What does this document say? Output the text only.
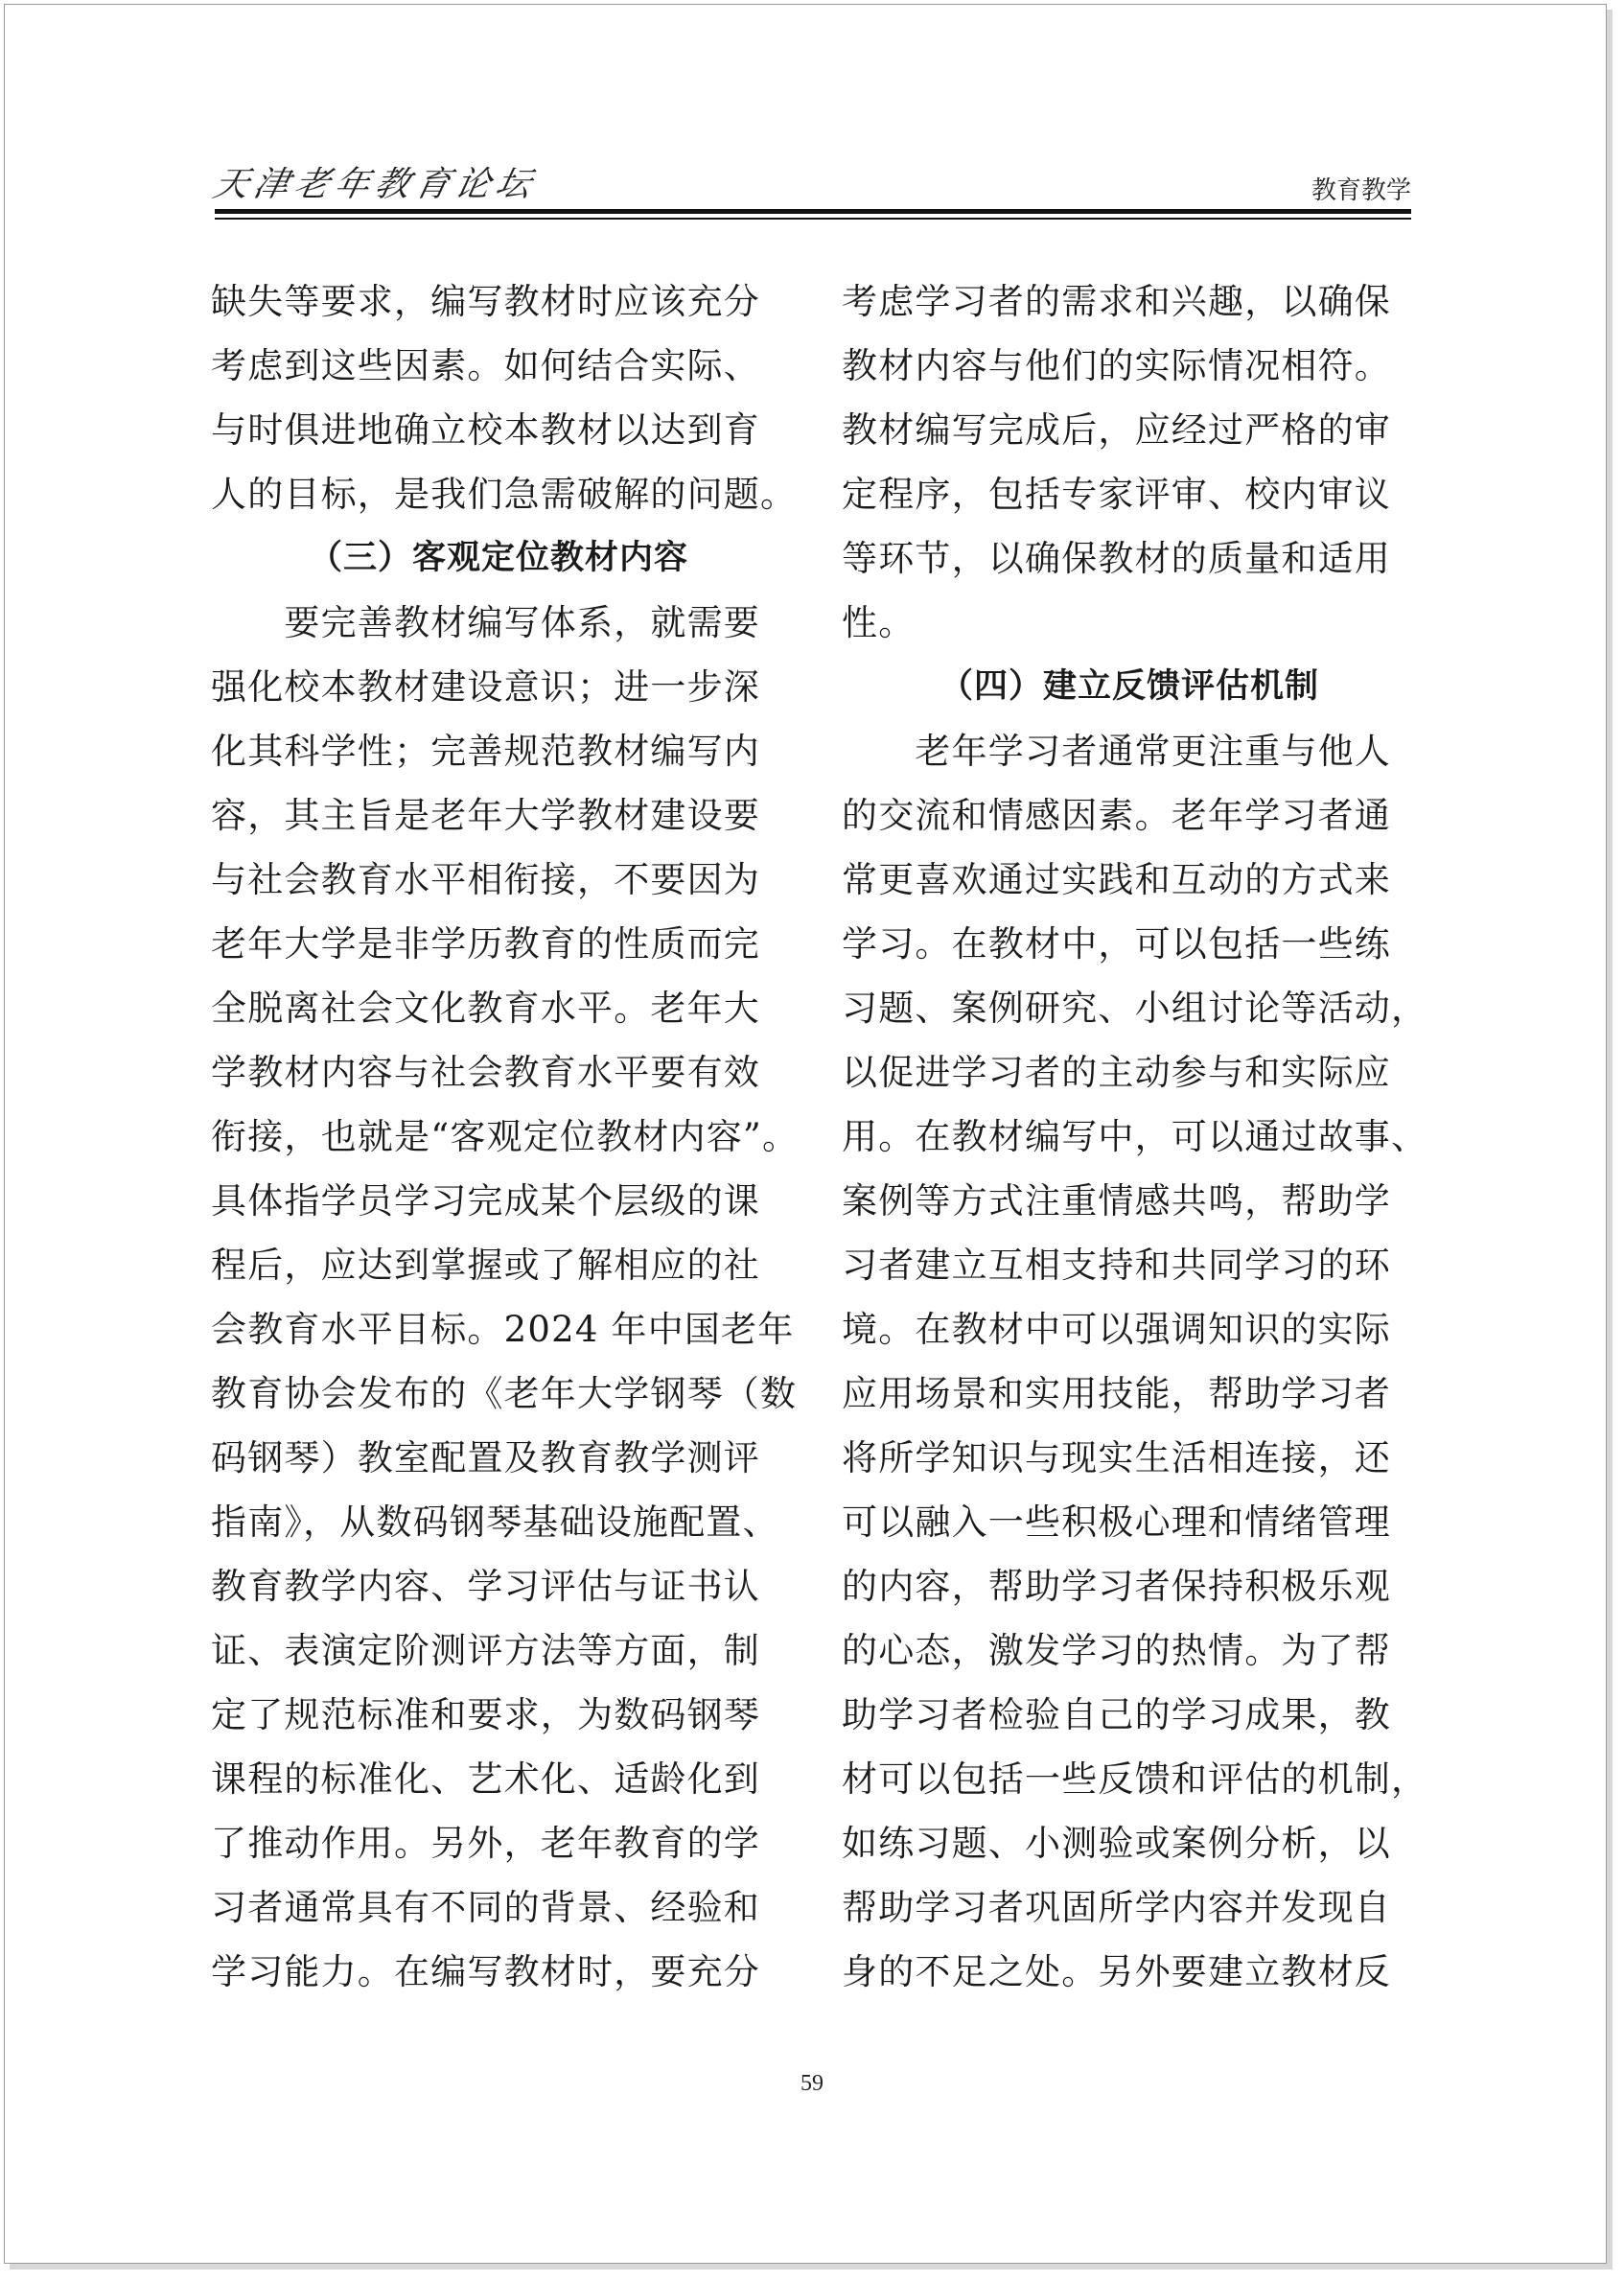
天津老年教育论坛	教育教学
缺失等要求，编写教材时应该充分
考虑到这些因素。如何结合实际、
与时俱进地确立校本教材以达到育
人的目标，是我们急需破解的问题。
（三）客观定位教材内容
　　要完善教材编写体系，就需要
强化校本教材建设意识；进一步深
化其科学性；完善规范教材编写内
容，其主旨是老年大学教材建设要
与社会教育水平相衔接，不要因为
老年大学是非学历教育的性质而完
全脱离社会文化教育水平。老年大
学教材内容与社会教育水平要有效
衔接，也就是“客观定位教材内容”。
具体指学员学习完成某个层级的课
程后，应达到掌握或了解相应的社
会教育水平目标。2024 年中国老年
教育协会发布的《老年大学钢琴（数
码钢琴）教室配置及教育教学测评
指南》，从数码钢琴基础设施配置、
教育教学内容、学习评估与证书认
证、表演定阶测评方法等方面，制
定了规范标准和要求，为数码钢琴
课程的标准化、艺术化、适龄化到
了推动作用。另外，老年教育的学
习者通常具有不同的背景、经验和
学习能力。在编写教材时，要充分
考虑学习者的需求和兴趣，以确保
教材内容与他们的实际情况相符。
教材编写完成后，应经过严格的审
定程序，包括专家评审、校内审议
等环节，以确保教材的质量和适用
性。
（四）建立反馈评估机制
　　老年学习者通常更注重与他人
的交流和情感因素。老年学习者通
常更喜欢通过实践和互动的方式来
学习。在教材中，可以包括一些练
习题、案例研究、小组讨论等活动，
以促进学习者的主动参与和实际应
用。在教材编写中，可以通过故事、
案例等方式注重情感共鸣，帮助学
习者建立互相支持和共同学习的环
境。在教材中可以强调知识的实际
应用场景和实用技能，帮助学习者
将所学知识与现实生活相连接，还
可以融入一些积极心理和情绪管理
的内容，帮助学习者保持积极乐观
的心态，激发学习的热情。为了帮
助学习者检验自己的学习成果，教
材可以包括一些反馈和评估的机制，
如练习题、小测验或案例分析，以
帮助学习者巩固所学内容并发现自
身的不足之处。另外要建立教材反
59
